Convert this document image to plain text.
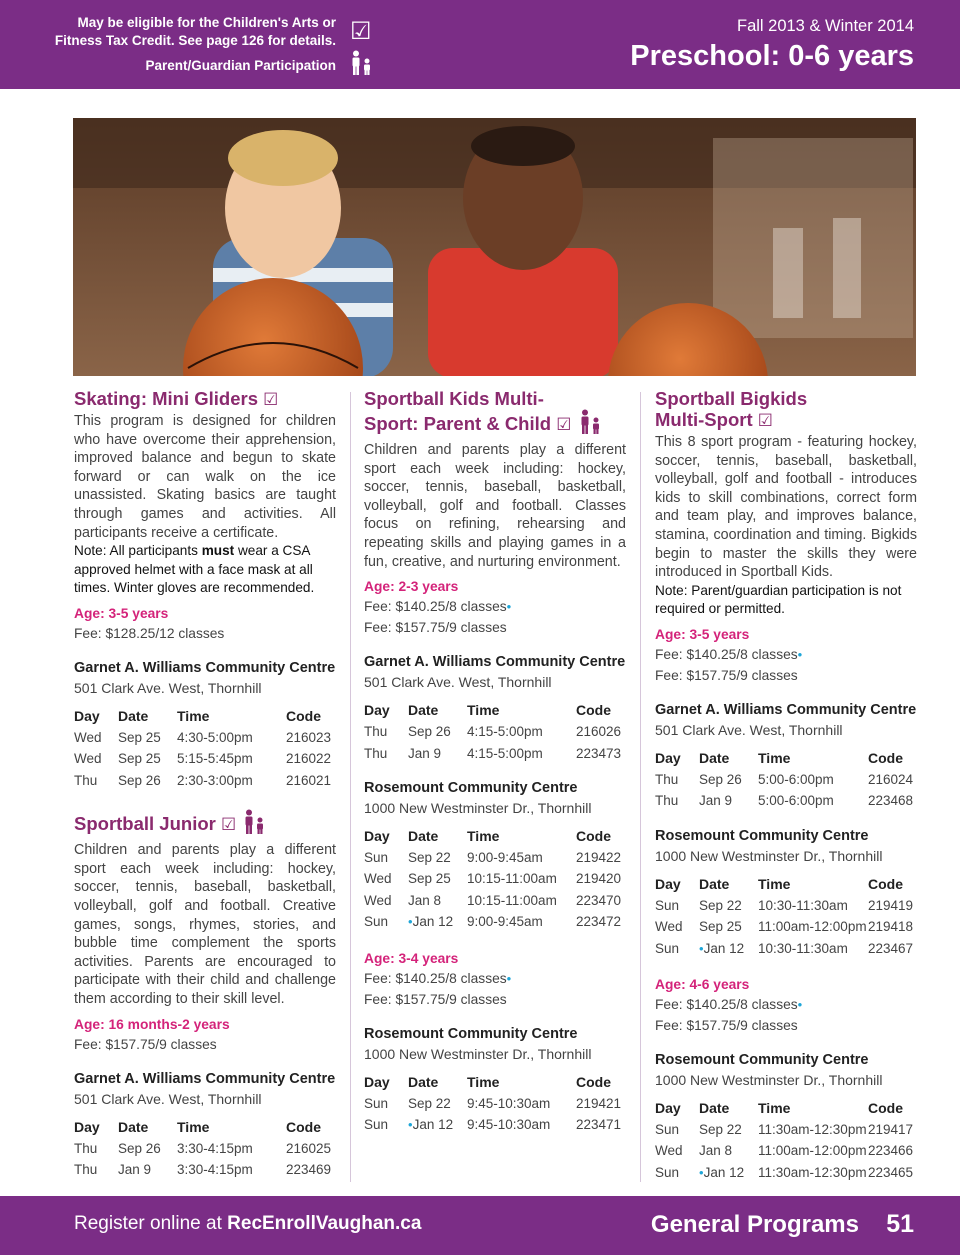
May be eligible for the Children's Arts or
Fitness Tax Credit. See page 126 for details.
Parent/Guardian Participation
☑	Fall 2013 & Winter 2014
Preschool: 0-6 years
Skating: Mini Gliders ☑
This program is designed for children who have overcome their apprehension, improved balance and begun to skate forward or can walk on the ice unassisted. Skating basics are taught through games and activities. All participants receive a certificate.
Note: All participants must wear a CSA approved helmet with a face mask at all times. Winter gloves are recommended.
Age: 3-5 years
Fee: $128.25/12 classes
Garnet A. Williams Community Centre
501 Clark Ave. West, Thornhill
Day	Date	Time	Code
Wed	Sep 25	4:30-5:00pm	216023
Wed	Sep 25	5:15-5:45pm	216022
Thu	Sep 26	2:30-3:00pm	216021
Sportball Junior ☑
Children and parents play a different sport each week including: hockey, soccer, tennis, baseball, basketball, volleyball, golf and football. Creative games, songs, rhymes, stories, and bubble time complement the sports activities. Parents are encouraged to participate with their child and challenge them according to their skill level.
Age: 16 months-2 years
Fee: $157.75/9 classes
Garnet A. Williams Community Centre
501 Clark Ave. West, Thornhill
Day	Date	Time	Code
Thu	Sep 26	3:30-4:15pm	216025
Thu	Jan 9	3:30-4:15pm	223469
Sportball Kids Multi-
Sport: Parent & Child ☑
Children and parents play a different sport each week including: hockey, soccer, tennis, baseball, basketball, volleyball, golf and football. Classes focus on refining, rehearsing and repeating skills and playing games in a fun, creative, and nurturing environment.
Age: 2-3 years
Fee: $140.25/8 classes•
Fee: $157.75/9 classes
Garnet A. Williams Community Centre
501 Clark Ave. West, Thornhill
Day	Date	Time	Code
Thu	Sep 26	4:15-5:00pm	216026
Thu	Jan 9	4:15-5:00pm	223473
Rosemount Community Centre
1000 New Westminster Dr., Thornhill
Day	Date	Time	Code
Sun	Sep 22	9:00-9:45am	219422
Wed	Sep 25	10:15-11:00am	219420
Wed	Jan 8	10:15-11:00am	223470
Sun	•Jan 12	9:00-9:45am	223472
Age: 3-4 years
Fee: $140.25/8 classes•
Fee: $157.75/9 classes
Rosemount Community Centre
1000 New Westminster Dr., Thornhill
Day	Date	Time	Code
Sun	Sep 22	9:45-10:30am	219421
Sun	•Jan 12	9:45-10:30am	223471
Sportball Bigkids
Multi-Sport ☑
This 8 sport program - featuring hockey, soccer, tennis, baseball, basketball, volleyball, golf and football - introduces kids to skill combinations, correct form and team play, and improves balance, stamina, coordination and timing. Bigkids begin to master the skills they were introduced in Sportball Kids.
Note: Parent/guardian participation is not required or permitted.
Age: 3-5 years
Fee: $140.25/8 classes•
Fee: $157.75/9 classes
Garnet A. Williams Community Centre
501 Clark Ave. West, Thornhill
Day	Date	Time	Code
Thu	Sep 26	5:00-6:00pm	216024
Thu	Jan 9	5:00-6:00pm	223468
Rosemount Community Centre
1000 New Westminster Dr., Thornhill
Day	Date	Time	Code
Sun	Sep 22	10:30-11:30am	219419
Wed	Sep 25	11:00am-12:00pm	219418
Sun	•Jan 12	10:30-11:30am	223467
Age: 4-6 years
Fee: $140.25/8 classes•
Fee: $157.75/9 classes
Rosemount Community Centre
1000 New Westminster Dr., Thornhill
Day	Date	Time	Code
Sun	Sep 22	11:30am-12:30pm	219417
Wed	Jan 8	11:00am-12:00pm	223466
Sun	•Jan 12	11:30am-12:30pm	223465
Register online at RecEnrollVaughan.ca	General Programs 51
